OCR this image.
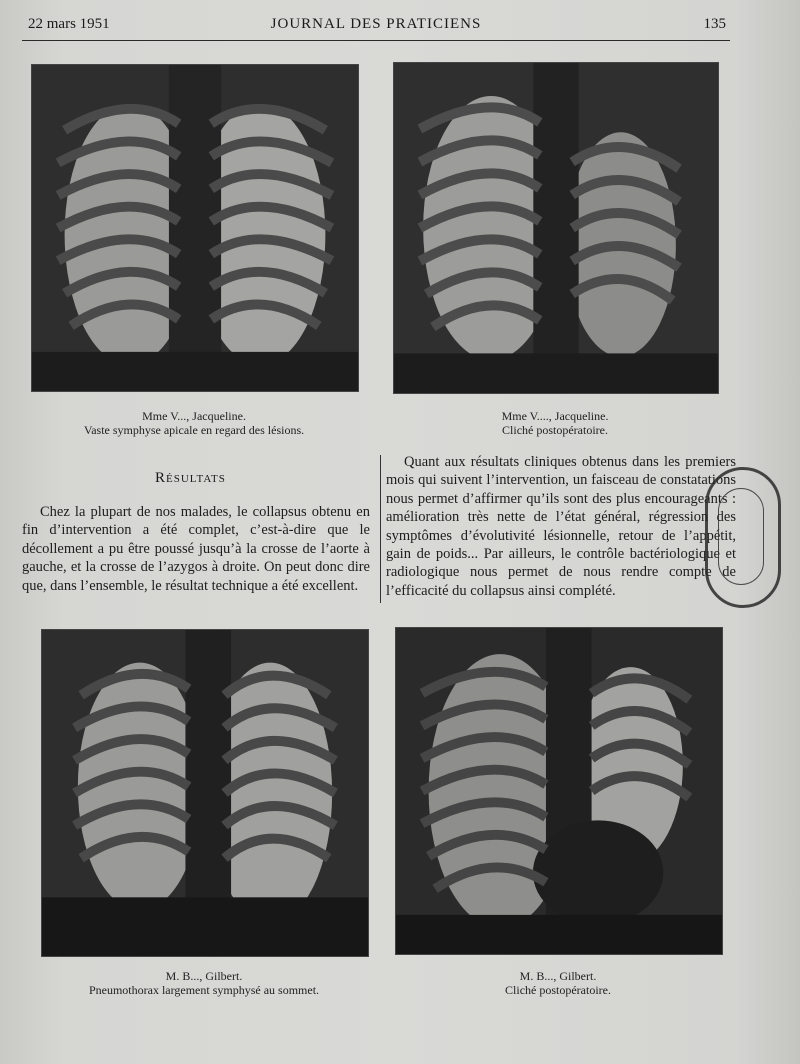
22 mars 1951	JOURNAL DES PRATICIENS	135
Mme V..., Jacqueline.
Vaste symphyse apicale en regard des lésions.
Mme V...., Jacqueline.
Cliché postopératoire.
Résultats

Chez la plupart de nos malades, le collapsus obtenu en fin d’intervention a été complet, c’est-à-dire que le décollement a pu être poussé jusqu’à la crosse de l’aorte à gauche, et la crosse de l’azygos à droite. On peut donc dire que, dans l’ensemble, le résultat technique a été excellent.

Quant aux résultats cliniques obtenus dans les premiers mois qui suivent l’intervention, un faisceau de constatations nous permet d’affirmer qu’ils sont des plus encourageants : amélioration très nette de l’état général, régression des symptômes d’évolutivité lésionnelle, retour de l’appétit, gain de poids... Par ailleurs, le contrôle bactériologique et radiologique nous permet de nous rendre compte de l’efficacité du collapsus ainsi complété.

M. B..., Gilbert.
Pneumothorax largement symphysé au sommet.
M. B..., Gilbert.
Cliché postopératoire.
